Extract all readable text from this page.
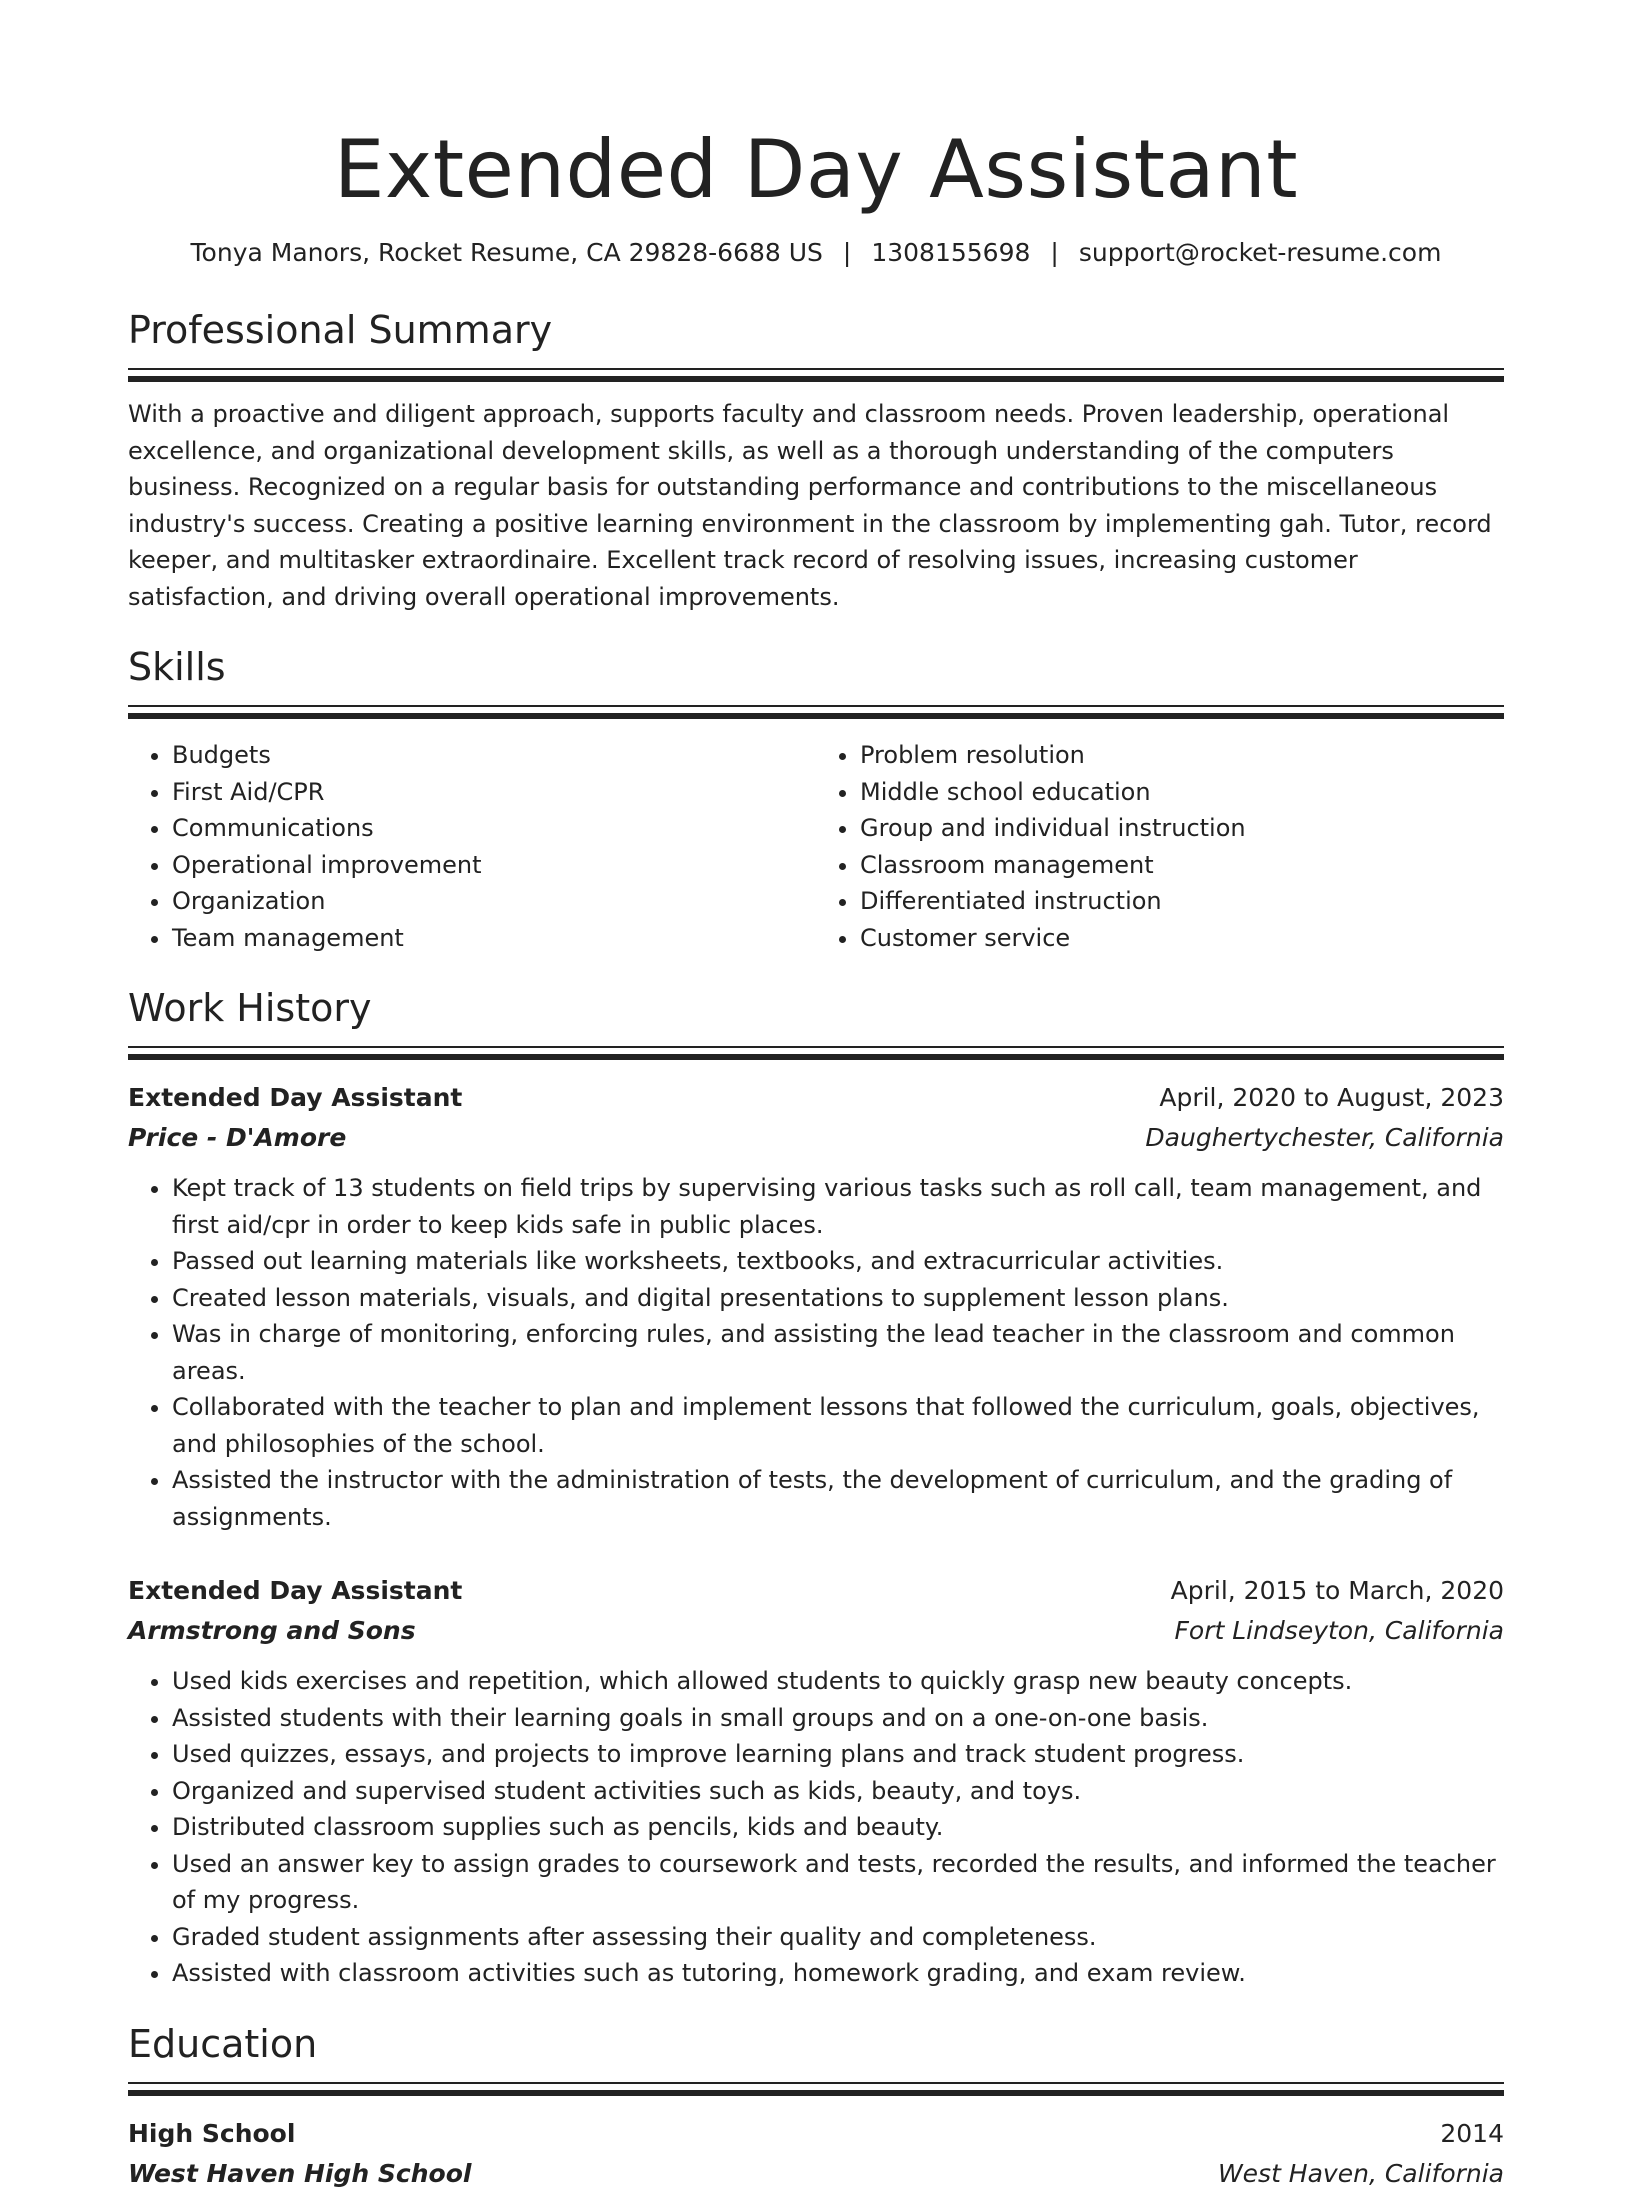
Extended Day Assistant
Tonya Manors, Rocket Resume, CA 29828-6688 US | 1308155698 | support@rocket-resume.com
Professional Summary
With a proactive and diligent approach, supports faculty and classroom needs. Proven leadership, operational excellence, and organizational development skills, as well as a thorough understanding of the computers business. Recognized on a regular basis for outstanding performance and contributions to the miscellaneous industry's success. Creating a positive learning environment in the classroom by implementing gah. Tutor, record keeper, and multitasker extraordinaire. Excellent track record of resolving issues, increasing customer satisfaction, and driving overall operational improvements.
Skills
• Budgets
• First Aid/CPR
• Communications
• Operational improvement
• Organization
• Team management
• Problem resolution
• Middle school education
• Group and individual instruction
• Classroom management
• Differentiated instruction
• Customer service
Work History
Extended Day Assistant	April, 2020 to August, 2023
Price - D'Amore	Daughertychester, California
• Kept track of 13 students on field trips by supervising various tasks such as roll call, team management, and first aid/cpr in order to keep kids safe in public places.
• Passed out learning materials like worksheets, textbooks, and extracurricular activities.
• Created lesson materials, visuals, and digital presentations to supplement lesson plans.
• Was in charge of monitoring, enforcing rules, and assisting the lead teacher in the classroom and common areas.
• Collaborated with the teacher to plan and implement lessons that followed the curriculum, goals, objectives, and philosophies of the school.
• Assisted the instructor with the administration of tests, the development of curriculum, and the grading of assignments.
Extended Day Assistant	April, 2015 to March, 2020
Armstrong and Sons	Fort Lindseyton, California
• Used kids exercises and repetition, which allowed students to quickly grasp new beauty concepts.
• Assisted students with their learning goals in small groups and on a one-on-one basis.
• Used quizzes, essays, and projects to improve learning plans and track student progress.
• Organized and supervised student activities such as kids, beauty, and toys.
• Distributed classroom supplies such as pencils, kids and beauty.
• Used an answer key to assign grades to coursework and tests, recorded the results, and informed the teacher of my progress.
• Graded student assignments after assessing their quality and completeness.
• Assisted with classroom activities such as tutoring, homework grading, and exam review.
Education
High School	2014
West Haven High School	West Haven, California
